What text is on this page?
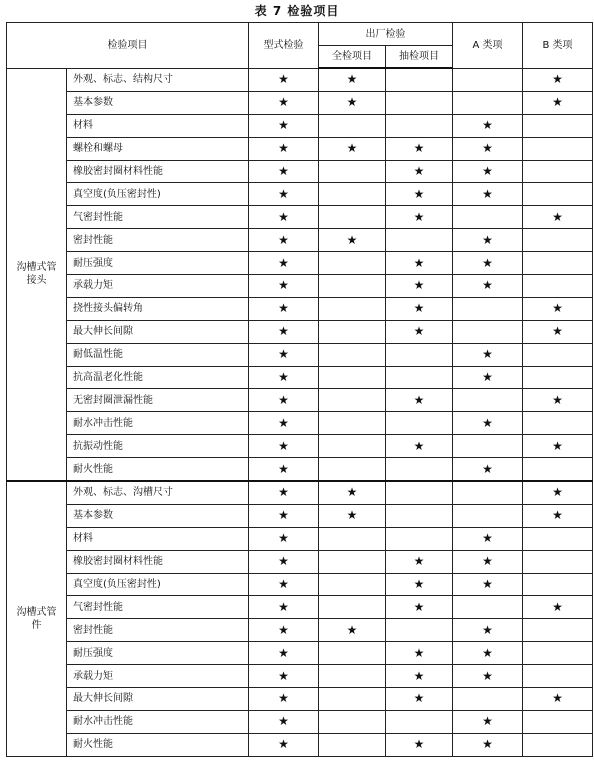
表 7 检验项目
检验项目		型式检验	出厂检验		A 类项	B 类项
			全检项目	抽检项目		
沟槽式管接头	外观、标志、结构尺寸	★	★			★
	基本参数	★	★			★
	材料	★			★	
	螺栓和螺母	★	★	★	★	
	橡胶密封圈材料性能	★		★	★	
	真空度(负压密封性)	★		★	★	
	气密封性能	★		★		★
	密封性能	★	★		★	
	耐压强度	★		★	★	
	承载力矩	★		★	★	
	挠性接头偏转角	★		★		★
	最大伸长间隙	★		★		★
	耐低温性能	★			★	
	抗高温老化性能	★			★	
	无密封圈泄漏性能	★		★		★
	耐水冲击性能	★			★	
	抗振动性能	★		★		★
	耐火性能	★			★	
沟槽式管件	外观、标志、沟槽尺寸	★	★			★
	基本参数	★	★			★
	材料	★			★	
	橡胶密封圈材料性能	★		★	★	
	真空度(负压密封性)	★		★	★	
	气密封性能	★		★		★
	密封性能	★	★		★	
	耐压强度	★		★	★	
	承载力矩	★		★	★	
	最大伸长间隙	★		★		★
	耐水冲击性能	★			★	
	耐火性能	★		★	★	
